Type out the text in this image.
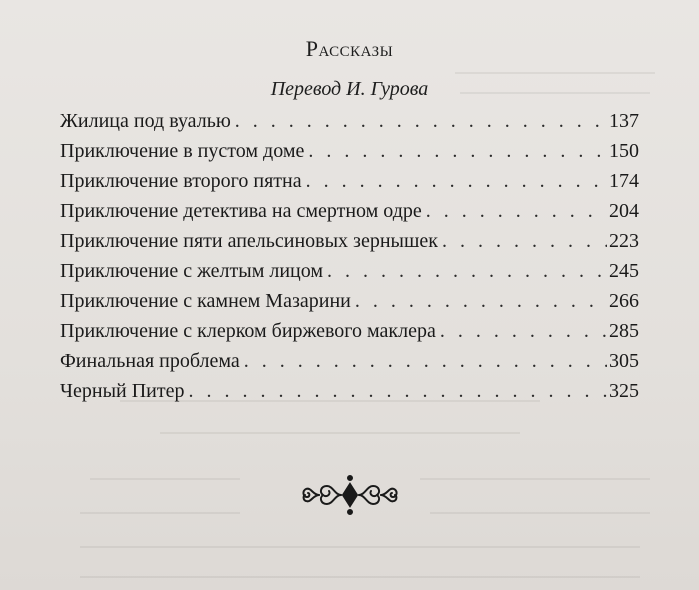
Рассказы
Перевод И. Гурова
Жилица под вуалью . . .	137
Приключение в пустом доме . . .	150
Приключение второго пятна . . .	174
Приключение детектива на смертном одре . . .	204
Приключение пяти апельсиновых зернышек . . .	223
Приключение с желтым лицом . . .	245
Приключение с камнем Мазарини . . .	266
Приключение с клерком биржевого маклера . . .	285
Финальная проблема . . .	305
Черный Питер . . .	325
